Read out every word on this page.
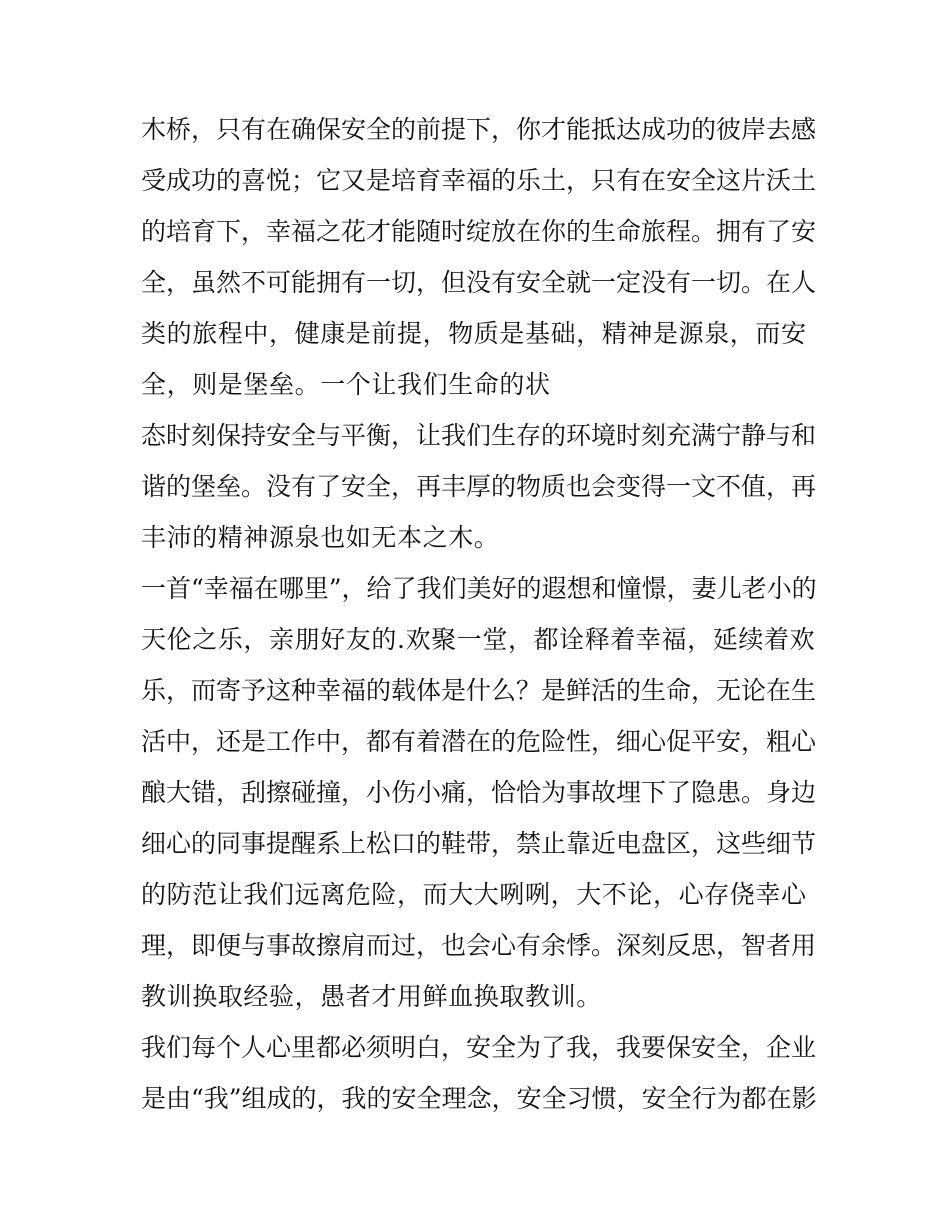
木桥，只有在确保安全的前提下，你才能抵达成功的彼岸去感
受成功的喜悦；它又是培育幸福的乐土，只有在安全这片沃土
的培育下，幸福之花才能随时绽放在你的生命旅程。拥有了安
全，虽然不可能拥有一切，但没有安全就一定没有一切。在人
类的旅程中，健康是前提，物质是基础，精神是源泉，而安
全，则是堡垒。一个让我们生命的状
态时刻保持安全与平衡，让我们生存的环境时刻充满宁静与和
谐的堡垒。没有了安全，再丰厚的物质也会变得一文不值，再
丰沛的精神源泉也如无本之木。
一首“幸福在哪里”，给了我们美好的遐想和憧憬，妻儿老小的
天伦之乐，亲朋好友的.欢聚一堂，都诠释着幸福，延续着欢
乐，而寄予这种幸福的载体是什么？是鲜活的生命，无论在生
活中，还是工作中，都有着潜在的危险性，细心促平安，粗心
酿大错，刮擦碰撞，小伤小痛，恰恰为事故埋下了隐患。身边
细心的同事提醒系上松口的鞋带，禁止靠近电盘区，这些细节
的防范让我们远离危险，而大大咧咧，大不论，心存侥幸心
理，即便与事故擦肩而过，也会心有余悸。深刻反思，智者用
教训换取经验，愚者才用鲜血换取教训。
我们每个人心里都必须明白，安全为了我，我要保安全，企业
是由“我”组成的，我的安全理念，安全习惯，安全行为都在影
